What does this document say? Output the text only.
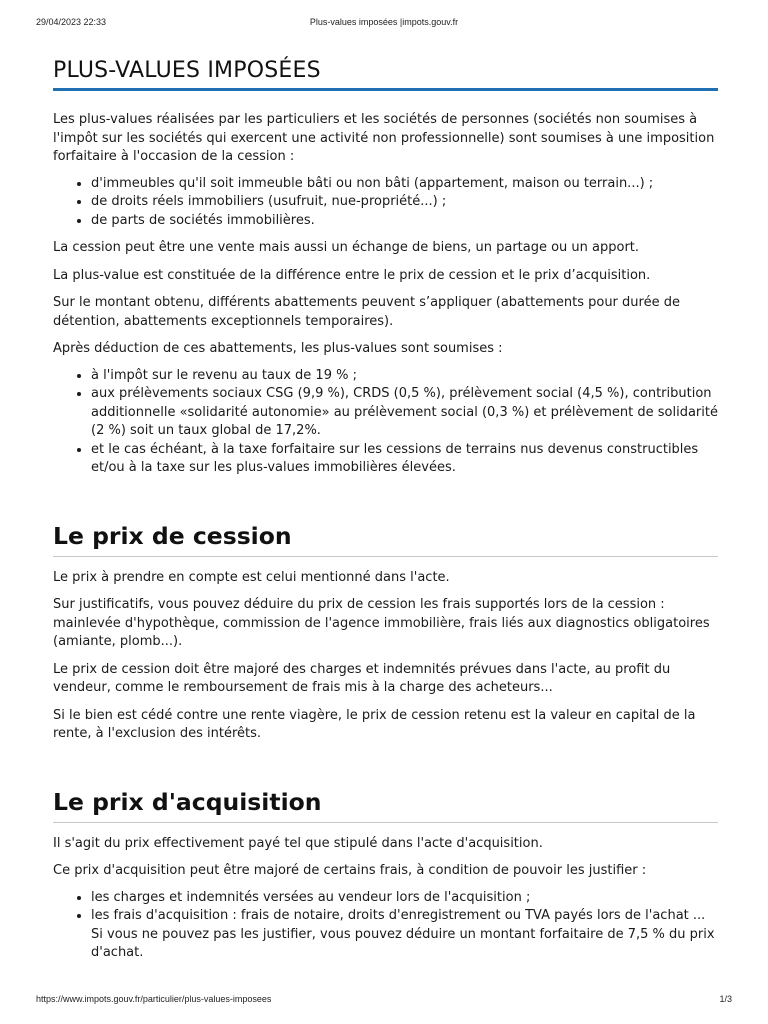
29/04/2023 22:33	Plus-values imposées |impots.gouv.fr
PLUS-VALUES IMPOSÉES

Les plus-values réalisées par les particuliers et les sociétés de personnes (sociétés non soumises à l'impôt sur les sociétés qui exercent une activité non professionnelle) sont soumises à une imposition forfaitaire à l'occasion de la cession :

• d'immeubles qu'il soit immeuble bâti ou non bâti (appartement, maison ou terrain...) ;
• de droits réels immobiliers (usufruit, nue-propriété...) ;
• de parts de sociétés immobilières.

La cession peut être une vente mais aussi un échange de biens, un partage ou un apport.

La plus-value est constituée de la différence entre le prix de cession et le prix d’acquisition.

Sur le montant obtenu, différents abattements peuvent s’appliquer (abattements pour durée de détention, abattements exceptionnels temporaires).

Après déduction de ces abattements, les plus-values sont soumises :

• à l'impôt sur le revenu au taux de 19 % ;
• aux prélèvements sociaux CSG (9,9 %), CRDS (0,5 %), prélèvement social (4,5 %), contribution additionnelle «solidarité autonomie» au prélèvement social (0,3 %) et prélèvement de solidarité (2 %) soit un taux global de 17,2%.
• et le cas échéant, à la taxe forfaitaire sur les cessions de terrains nus devenus constructibles et/ou à la taxe sur les plus-values immobilières élevées.
Le prix de cession

Le prix à prendre en compte est celui mentionné dans l'acte.

Sur justificatifs, vous pouvez déduire du prix de cession les frais supportés lors de la cession : mainlevée d'hypothèque, commission de l'agence immobilière, frais liés aux diagnostics obligatoires (amiante, plomb...).

Le prix de cession doit être majoré des charges et indemnités prévues dans l'acte, au profit du vendeur, comme le remboursement de frais mis à la charge des acheteurs...

Si le bien est cédé contre une rente viagère, le prix de cession retenu est la valeur en capital de la rente, à l'exclusion des intérêts.

Le prix d'acquisition

Il s'agit du prix effectivement payé tel que stipulé dans l'acte d'acquisition.

Ce prix d'acquisition peut être majoré de certains frais, à condition de pouvoir les justifier :

• les charges et indemnités versées au vendeur lors de l'acquisition ;
• les frais d'acquisition : frais de notaire, droits d'enregistrement ou TVA payés lors de l'achat ...
Si vous ne pouvez pas les justifier, vous pouvez déduire un montant forfaitaire de 7,5 % du prix d'achat.
https://www.impots.gouv.fr/particulier/plus-values-imposees	1/3
